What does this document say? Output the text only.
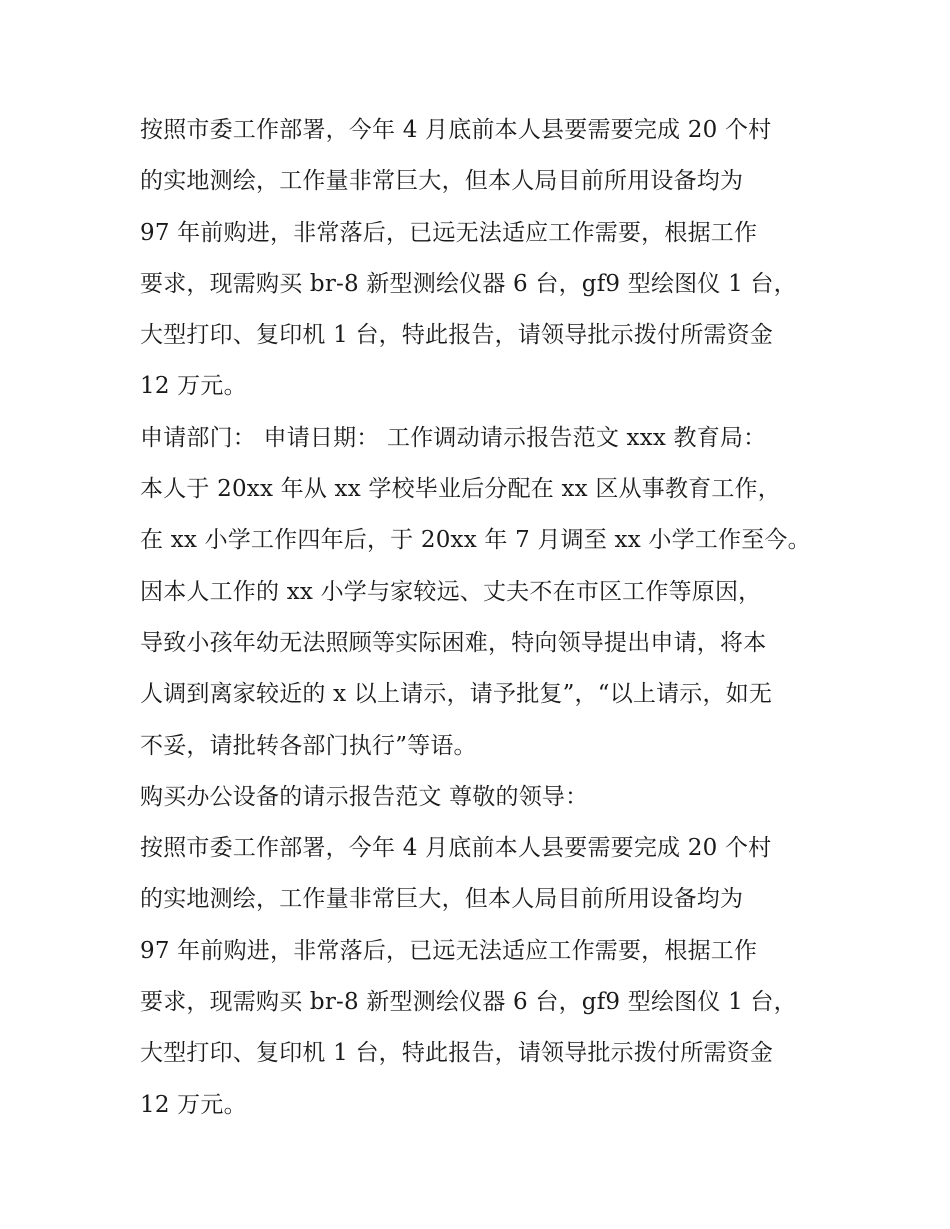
按照市委工作部署，今年 4 月底前本人县要需要完成 20 个村
的实地测绘，工作量非常巨大，但本人局目前所用设备均为
97 年前购进，非常落后，已远无法适应工作需要，根据工作
要求，现需购买 br-8 新型测绘仪器 6 台，gf9 型绘图仪 1 台，
大型打印、复印机 1 台，特此报告，请领导批示拨付所需资金
12 万元。
申请部门： 申请日期： 工作调动请示报告范文 xxx 教育局：
本人于 20xx 年从 xx 学校毕业后分配在 xx 区从事教育工作，
在 xx 小学工作四年后，于 20xx 年 7 月调至 xx 小学工作至今。
因本人工作的 xx 小学与家较远、丈夫不在市区工作等原因，
导致小孩年幼无法照顾等实际困难，特向领导提出申请，将本
人调到离家较近的 x 以上请示，请予批复”，“以上请示，如无
不妥，请批转各部门执行”等语。
购买办公设备的请示报告范文 尊敬的领导：
按照市委工作部署，今年 4 月底前本人县要需要完成 20 个村
的实地测绘，工作量非常巨大，但本人局目前所用设备均为
97 年前购进，非常落后，已远无法适应工作需要，根据工作
要求，现需购买 br-8 新型测绘仪器 6 台，gf9 型绘图仪 1 台，
大型打印、复印机 1 台，特此报告，请领导批示拨付所需资金
12 万元。
